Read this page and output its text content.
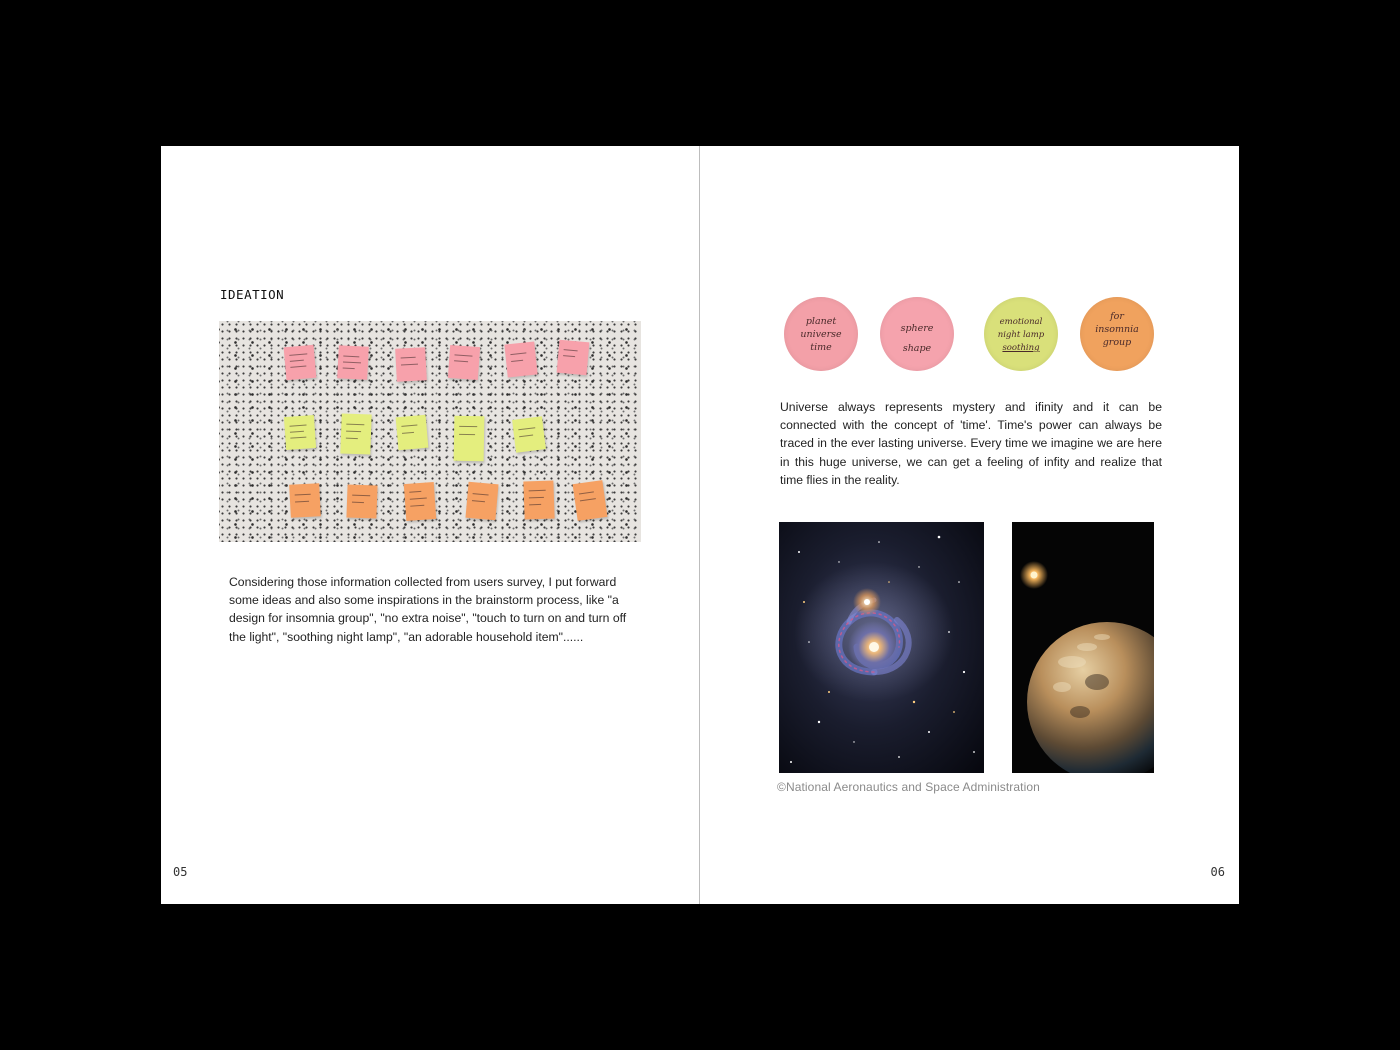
IDEATION
Considering those information collected from users survey, I put forward some ideas and also some inspirations in the brainstorm process, like "a design for insomnia group", "no extra noise", "touch to turn on and turn off the light", "soothing night lamp", "an adorable household item"......
05
planet
universe
time
sphere
shape
emotional
night lamp
soothing
for
insomnia
group
Universe always represents mystery and ifinity and it can be connected with the concept of 'time'. Time's power can always be traced in the ever lasting universe. Every time we imagine we are here in this huge universe, we can get a feeling of infity and realize that time flies in the reality.
©National Aeronautics and Space Administration
06
